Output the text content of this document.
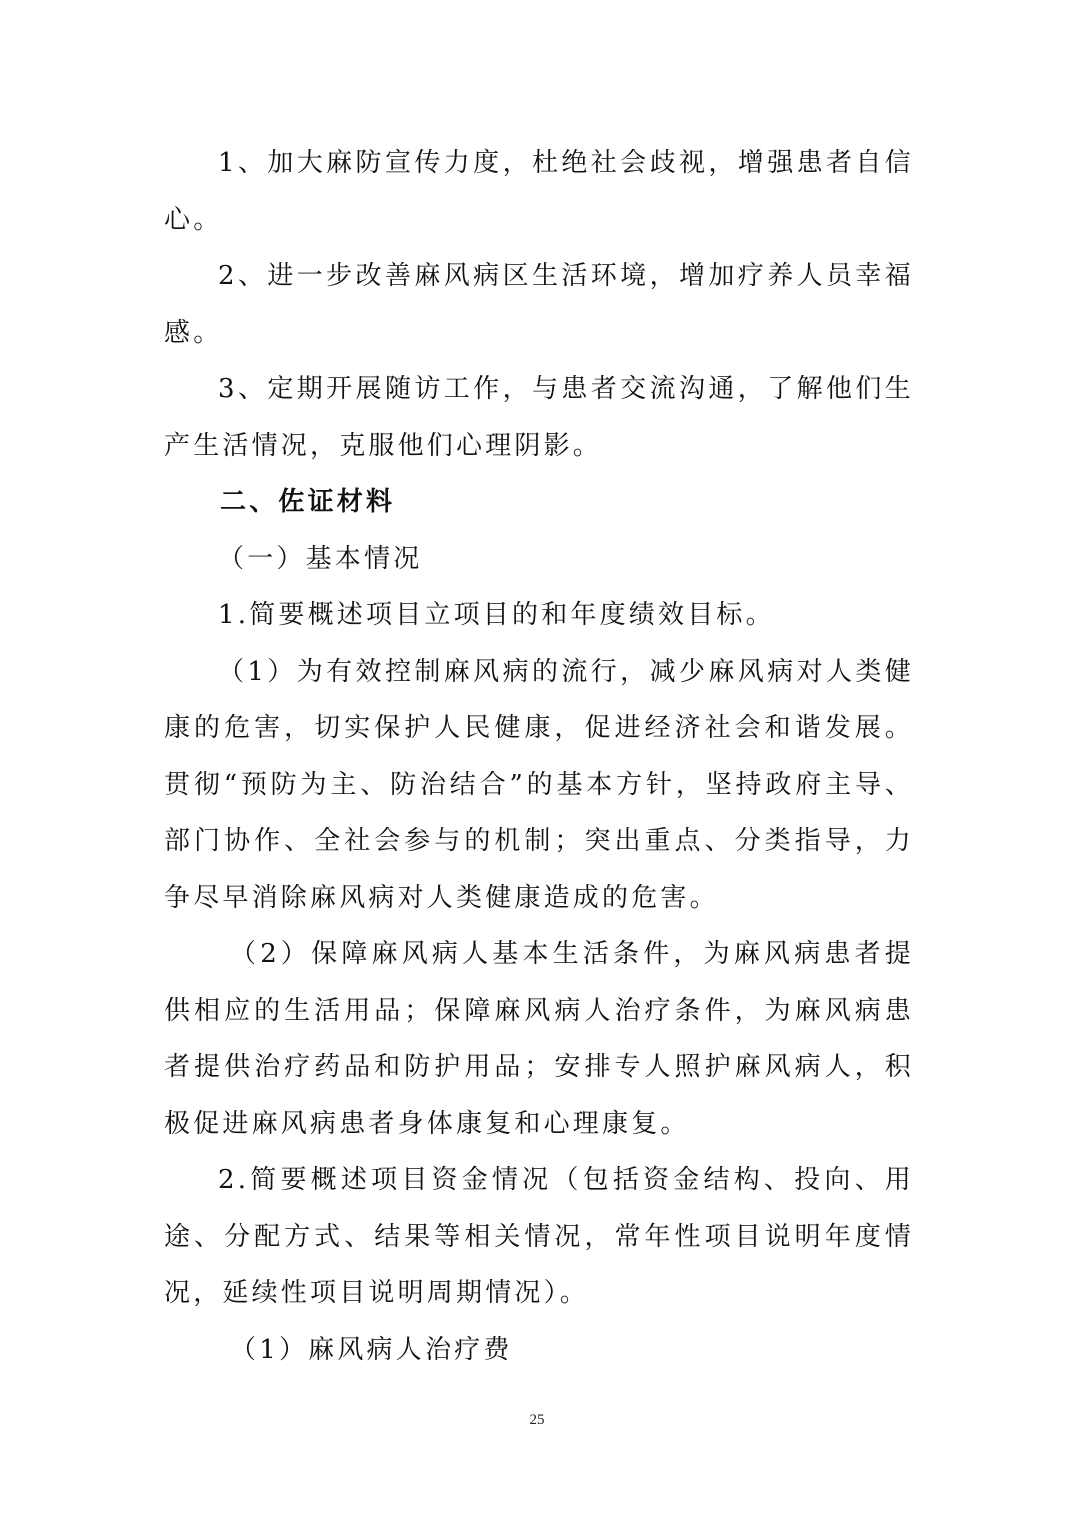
1、加大麻防宣传力度，杜绝社会歧视，增强患者自信心。

2、进一步改善麻风病区生活环境，增加疗养人员幸福感。

3、定期开展随访工作，与患者交流沟通，了解他们生产生活情况，克服他们心理阴影。

二、佐证材料

（一）基本情况

1.简要概述项目立项目的和年度绩效目标。

（1）为有效控制麻风病的流行，减少麻风病对人类健康的危害，切实保护人民健康，促进经济社会和谐发展。贯彻“预防为主、防治结合”的基本方针，坚持政府主导、部门协作、全社会参与的机制；突出重点、分类指导，力争尽早消除麻风病对人类健康造成的危害。

（2）保障麻风病人基本生活条件，为麻风病患者提供相应的生活用品；保障麻风病人治疗条件，为麻风病患者提供治疗药品和防护用品；安排专人照护麻风病人，积极促进麻风病患者身体康复和心理康复。

2.简要概述项目资金情况（包括资金结构、投向、用途、分配方式、结果等相关情况，常年性项目说明年度情况，延续性项目说明周期情况）。

（1）麻风病人治疗费

25
